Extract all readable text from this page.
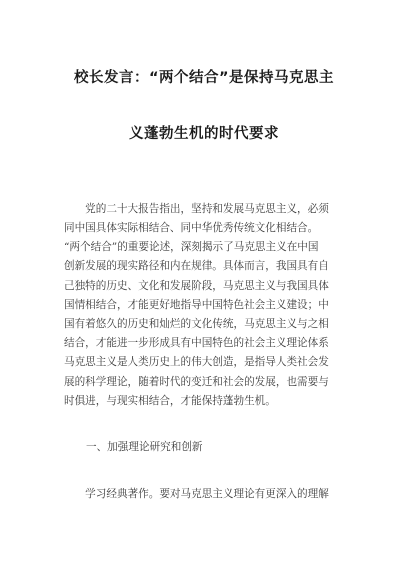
校长发言：“两个结合”是保持马克思主
义蓬勃生机的时代要求
　　党的二十大报告指出，坚持和发展马克思主义，必须
同中国具体实际相结合、同中华优秀传统文化相结合。
“两个结合”的重要论述，深刻揭示了马克思主义在中国
创新发展的现实路径和内在规律。具体而言，我国具有自
己独特的历史、文化和发展阶段，马克思主义与我国具体
国情相结合，才能更好地指导中国特色社会主义建设；中
国有着悠久的历史和灿烂的文化传统，马克思主义与之相
结合，才能进一步形成具有中国特色的社会主义理论体系
马克思主义是人类历史上的伟大创造，是指导人类社会发
展的科学理论，随着时代的变迁和社会的发展，也需要与
时俱进，与现实相结合，才能保持蓬勃生机。
一、加强理论研究和创新
　　学习经典著作。要对马克思主义理论有更深入的理解
